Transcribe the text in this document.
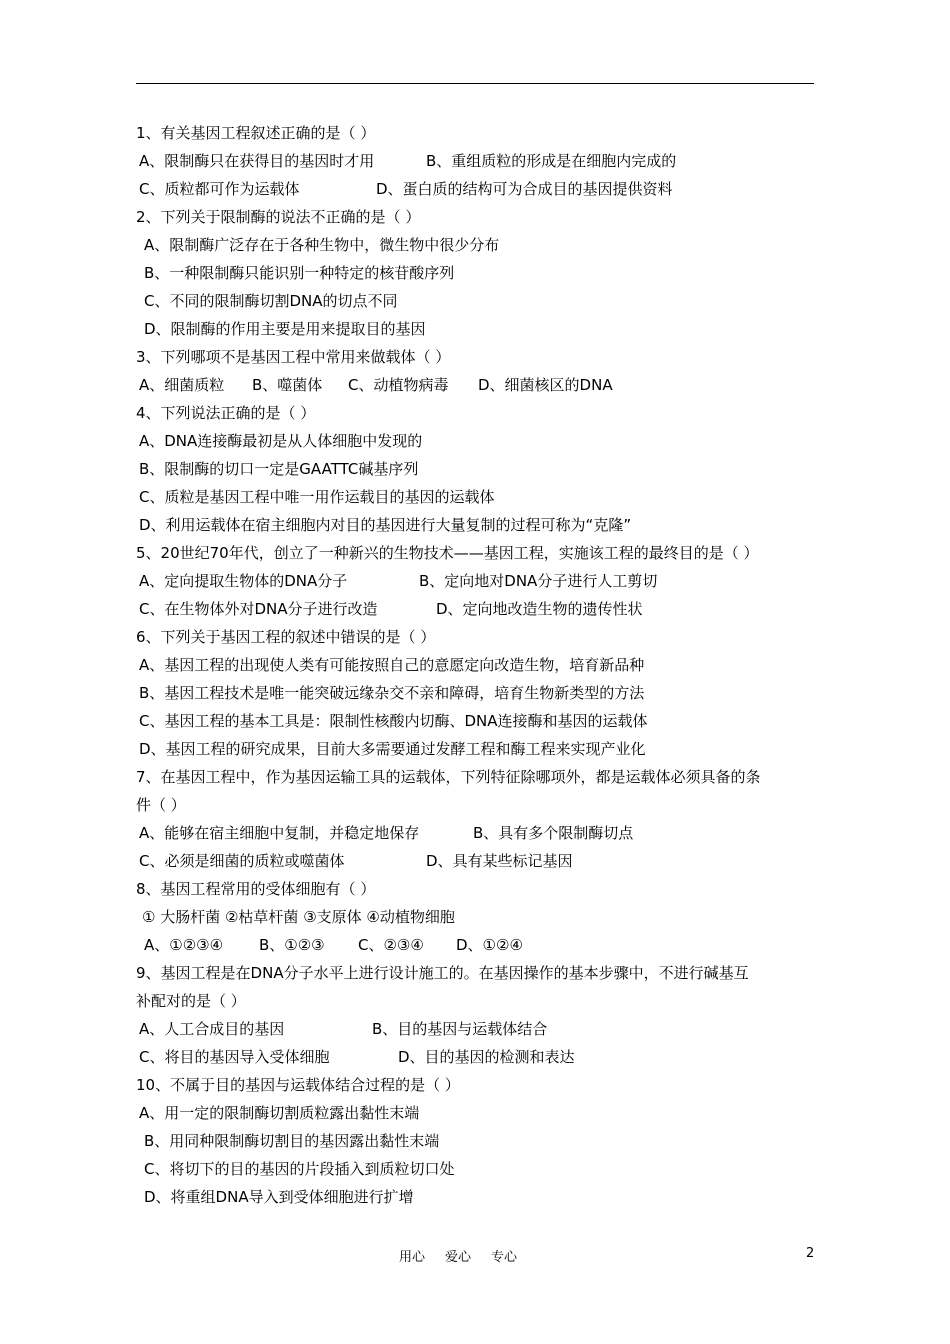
1、有关基因工程叙述正确的是（ ）
A、限制酶只在获得目的基因时才用	B、重组质粒的形成是在细胞内完成的
C、质粒都可作为运载体	D、蛋白质的结构可为合成目的基因提供资料
2、下列关于限制酶的说法不正确的是（ ）
A、限制酶广泛存在于各种生物中，微生物中很少分布
B、一种限制酶只能识别一种特定的核苷酸序列
C、不同的限制酶切割DNA的切点不同
D、限制酶的作用主要是用来提取目的基因
3、下列哪项不是基因工程中常用来做载体（ ）
A、细菌质粒 B、噬菌体 C、动植物病毒 D、细菌核区的DNA
4、下列说法正确的是（ ）
A、DNA连接酶最初是从人体细胞中发现的
B、限制酶的切口一定是GAATTC碱基序列
C、质粒是基因工程中唯一用作运载目的基因的运载体
D、利用运载体在宿主细胞内对目的基因进行大量复制的过程可称为“克隆”
5、20世纪70年代，创立了一种新兴的生物技术——基因工程，实施该工程的最终目的是（ ）
A、定向提取生物体的DNA分子	B、定向地对DNA分子进行人工剪切
C、在生物体外对DNA分子进行改造	D、定向地改造生物的遗传性状
6、下列关于基因工程的叙述中错误的是（ ）
A、基因工程的出现使人类有可能按照自己的意愿定向改造生物，培育新品种
B、基因工程技术是唯一能突破远缘杂交不亲和障碍，培育生物新类型的方法
C、基因工程的基本工具是：限制性核酸内切酶、DNA连接酶和基因的运载体
D、基因工程的研究成果，目前大多需要通过发酵工程和酶工程来实现产业化
7、在基因工程中，作为基因运输工具的运载体，下列特征除哪项外，都是运载体必须具备的条
件（ ）
A、能够在宿主细胞中复制，并稳定地保存	B、具有多个限制酶切点
C、必须是细菌的质粒或噬菌体	D、具有某些标记基因
8、基因工程常用的受体细胞有（ ）
① 大肠杆菌 ②枯草杆菌 ③支原体 ④动植物细胞
A、①②③④ B、①②③ C、②③④ D、①②④
9、基因工程是在DNA分子水平上进行设计施工的。在基因操作的基本步骤中，不进行碱基互
补配对的是（ ）
A、人工合成目的基因	B、目的基因与运载体结合
C、将目的基因导入受体细胞	D、目的基因的检测和表达
10、不属于目的基因与运载体结合过程的是（ ）
A、用一定的限制酶切割质粒露出黏性末端
B、用同种限制酶切割目的基因露出黏性末端
C、将切下的目的基因的片段插入到质粒切口处
D、将重组DNA导入到受体细胞进行扩增
用心 爱心 专心	2
